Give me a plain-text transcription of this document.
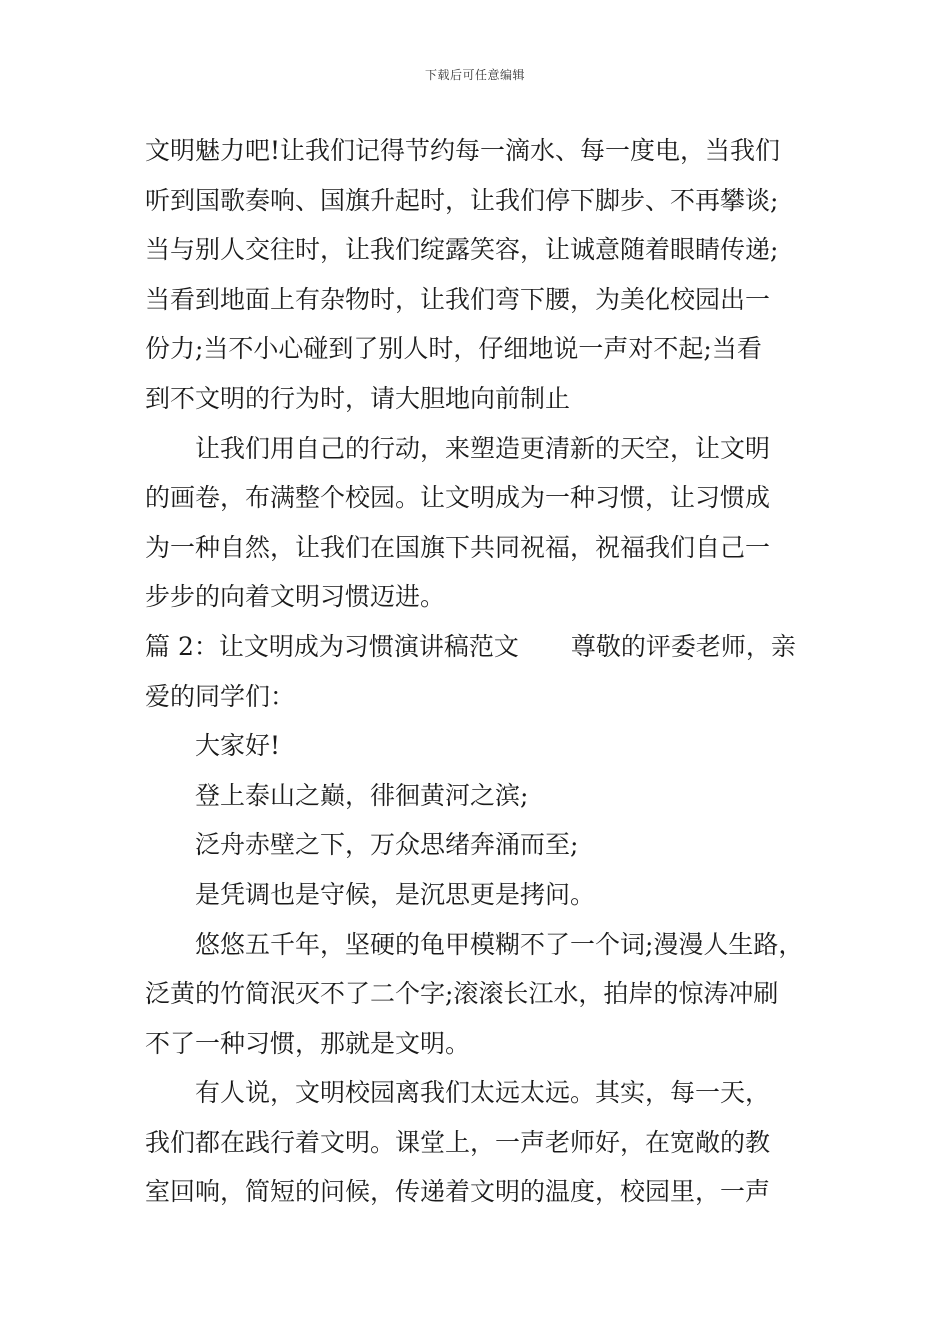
下载后可任意编辑
文明魅力吧!让我们记得节约每一滴水、每一度电，当我们
听到国歌奏响、国旗升起时，让我们停下脚步、不再攀谈;
当与别人交往时，让我们绽露笑容，让诚意随着眼睛传递;
当看到地面上有杂物时，让我们弯下腰，为美化校园出一
份力;当不小心碰到了别人时，仔细地说一声对不起;当看
到不文明的行为时，请大胆地向前制止
让我们用自己的行动，来塑造更清新的天空，让文明
的画卷，布满整个校园。让文明成为一种习惯，让习惯成
为一种自然，让我们在国旗下共同祝福，祝福我们自己一
步步的向着文明习惯迈进。
篇 2：让文明成为习惯演讲稿范文 尊敬的评委老师，亲
爱的同学们：
大家好!
登上泰山之巅，徘徊黄河之滨;
泛舟赤壁之下，万众思绪奔涌而至;
是凭调也是守候，是沉思更是拷问。
悠悠五千年，坚硬的龟甲模糊不了一个词;漫漫人生路，
泛黄的竹简泯灭不了二个字;滚滚长江水，拍岸的惊涛冲刷
不了一种习惯，那就是文明。
有人说，文明校园离我们太远太远。其实，每一天，
我们都在践行着文明。课堂上，一声老师好，在宽敞的教
室回响，简短的问候，传递着文明的温度，校园里，一声
